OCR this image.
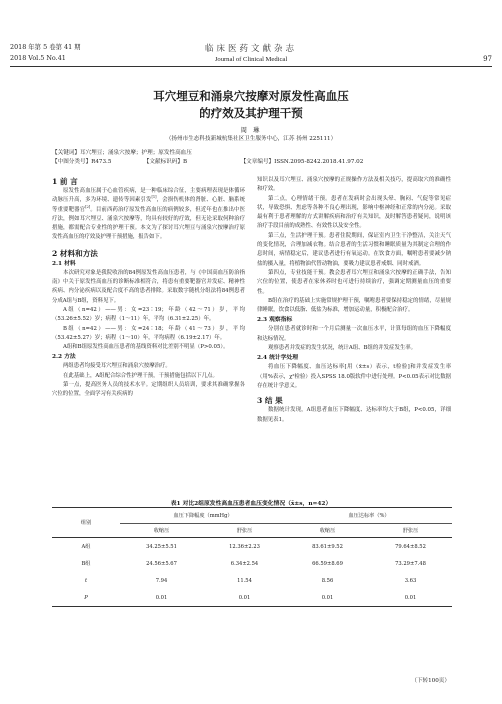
2018 年第 5 卷第 41 期
2018 Vol.5 No.41
临床医药文献杂志
Journal of Clinical Medical	97
耳穴埋豆和涌泉穴按摩对原发性高血压
的疗效及其护理干预
周 琳
（扬州市生态科技新城杭集社区卫生服务中心，江苏 扬州 225111）
【关键词】耳穴埋豆；涌泉穴按摩；护理；原发性高血压
【中图分类号】R473.5	【文献标识码】B	【文章编号】ISSN.2095-8242.2018.41.97.02
1 前 言

原发性高血压属于心血管疾病，是一种临床综合征，主要病理表现是体循环动脉压升高，多为环境、遗传等因素引发[1]，会损伤机体的肾脏、心脏、脑系统等重要靶器官[2]。目前西药治疗原发性高血压的病例较多，但近年也在推出中医疗法，例如耳穴埋豆、涌泉穴按摩等，均具有较好的疗效，但无论采取何种治疗措施，都需配合专业性的护理干预。本文为了探讨耳穴埋豆与涌泉穴按摩治疗原发性高血压的疗效及护理干预措施，报告如下。

2 材料和方法
2.1 材料

本次研究对象是我院收治的84例原发性高血压患者，与《中国高血压防治指南》中关于原发性高血压的诊断标准相符合，将患有重要靶器官并发症、精神性疾病、内分泌疾病以及配合度不高的患者排除。采取数字随机分组法将84例患者分成A组与B组，资料见下。

A组（n=42）——男：女=23∶19；年龄（42～71）岁，平均（53.26±5.52）岁；病程（1～11）年，平均（6.31±2.25）年。

B组（n=42）——男：女=24∶18；年龄（41～73）岁，平均（53.42±5.27）岁；病程（1～10）年，平均病程（6.19±2.17）年。

A组和B组原发性高血压患者的基线资料对比差别不明显（P>0.05）。

2.2 方法

两组患者均接受耳穴埋豆和涌泉穴按摩治疗。

在此基础上，A组配合综合性护理干预，干预措施包括以下几点。

第一点，提高医务人员的技术水平。定期组织人员培训，要求其准确掌握各穴位的位置，全面学习有关疾病的

知识以及耳穴埋豆、涌泉穴按摩的正规操作方法及相关技巧，提高取穴的准确性和疗效。

第二点，心理情绪干预。患者在发病时会出现头晕、胸闷、气促等常见症状，导致恐惧、焦虑等各种不良心理出现，影响中枢神经和正常的内分泌。采取最有利于患者理解的方式讲解疾病和治疗有关知识，及时解答患者疑问，说明该治疗手段目前的成熟性、有效性以及安全性。

第三点，生活护理干预。患者住院期间，保证室内卫生干净整洁，关注天气的变化情况，合理加减衣物。结合患者的生活习惯和睡眠质量为其制定合理的作息时间，病情稳定后，建议患者进行有氧运动。在饮食方面，嘱咐患者要减少钠盐的摄入量，将植物油代替动物油，要吸力建议患者戒烟、同时戒酒。

第四点，专业技能干预。教会患者耳穴埋豆和涌泉穴按摩的正确手法，告知穴位的位置，使患者在家休养时也可进行持续治疗，强调定期测量血压的重要性。

B组在治疗的基础上实施常规护理干预，嘱咐患者要保持稳定的情绪，尽量规律睡眠，饮食以低脂、低盐为标准，增加运动量，积极配合治疗。

2.3 观察指标

分别在患者就诊时和一个月后测量一次血压水平，计算每组的血压下降幅度和达标情况。

观察患者并发症的发生状况，统计A组、B组的并发症发生率。

2.4 统计学处理

将血压下降幅度、血压达标率[用（x̄±s）表示，t检验]和并发症发生率（用%表示，χ²检验）投入SPSS 18.0版软件中进行处理。P<0.05表示对比数据存在统计学意义。

3 结 果

数据统计发现，A组患者血压下降幅度、达标率均大于B组，P<0.05，详细数据见表1。

表1 对比2组原发性高血压患者血压变化情况（x̄±s，n=42）
组别	血压下降幅度（mmHg）		血压达标率（%）	
	收缩压	舒张压	收缩压	舒张压
A组	34.25±5.51	12.36±2.23	83.61±9.52	79.64±8.52
B组	24.56±5.67	6.34±2.54	66.59±8.69	73.29±7.48
t	7.94	11.54	8.56	3.63
P	0.01	0.01	0.01	0.01
（下转100页）
